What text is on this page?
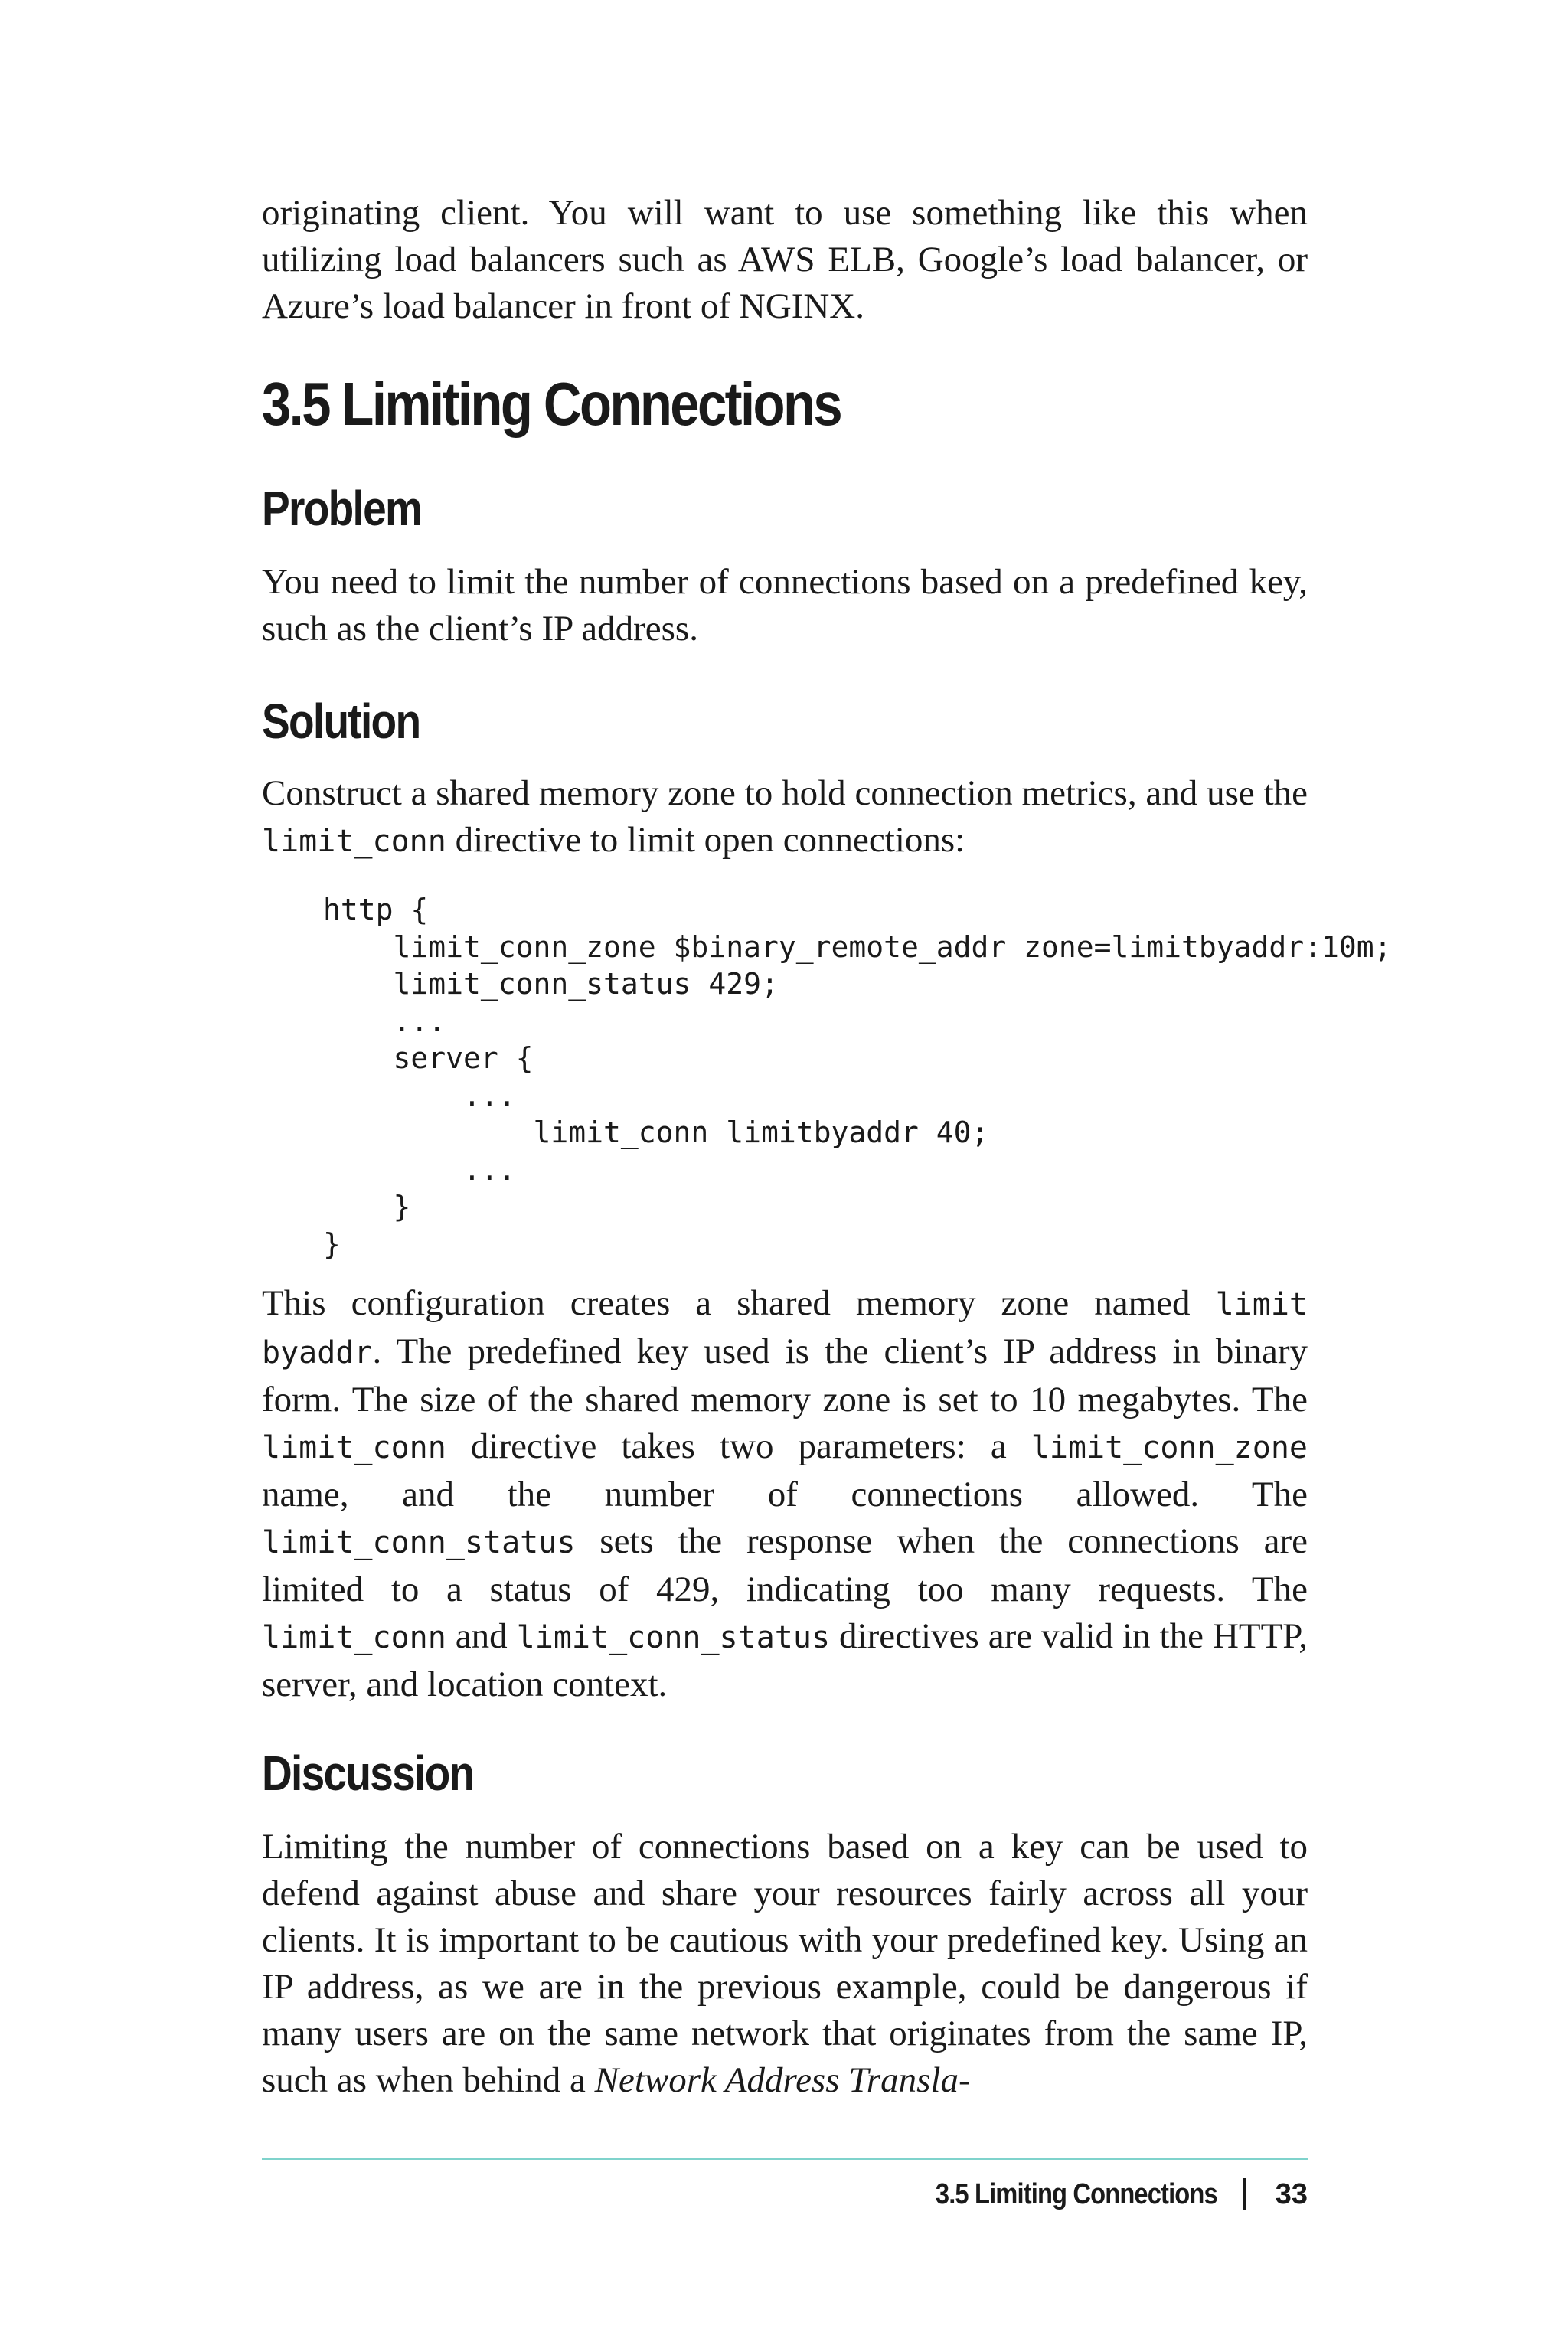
originating client. You will want to use something like this when utilizing load balancers such as AWS ELB, Google’s load balancer, or Azure’s load balancer in front of NGINX.

3.5 Limiting Connections
Problem

You need to limit the number of connections based on a predefined key, such as the client’s IP address.

Solution

Construct a shared memory zone to hold connection metrics, and use the limit_conn directive to limit open connections:

http {
limit_conn_zone $binary_remote_addr zone=limitbyaddr:10m;
limit_conn_status 429;
...
server {
...
limit_conn limitbyaddr 40;
...
}
}

This configuration creates a shared memory zone named limit byaddr. The predefined key used is the client’s IP address in binary form. The size of the shared memory zone is set to 10 megabytes. The limit_conn directive takes two parameters: a limit_conn_zone name, and the number of connections allowed. The limit_conn_status sets the response when the connections are limited to a status of 429, indicating too many requests. The limit_conn and limit_conn_status directives are valid in the HTTP, server, and location context.

Discussion

Limiting the number of connections based on a key can be used to defend against abuse and share your resources fairly across all your clients. It is important to be cautious with your predefined key. Using an IP address, as we are in the previous example, could be dangerous if many users are on the same network that originates from the same IP, such as when behind a Network Address Transla-

3.5 Limiting Connections 33
